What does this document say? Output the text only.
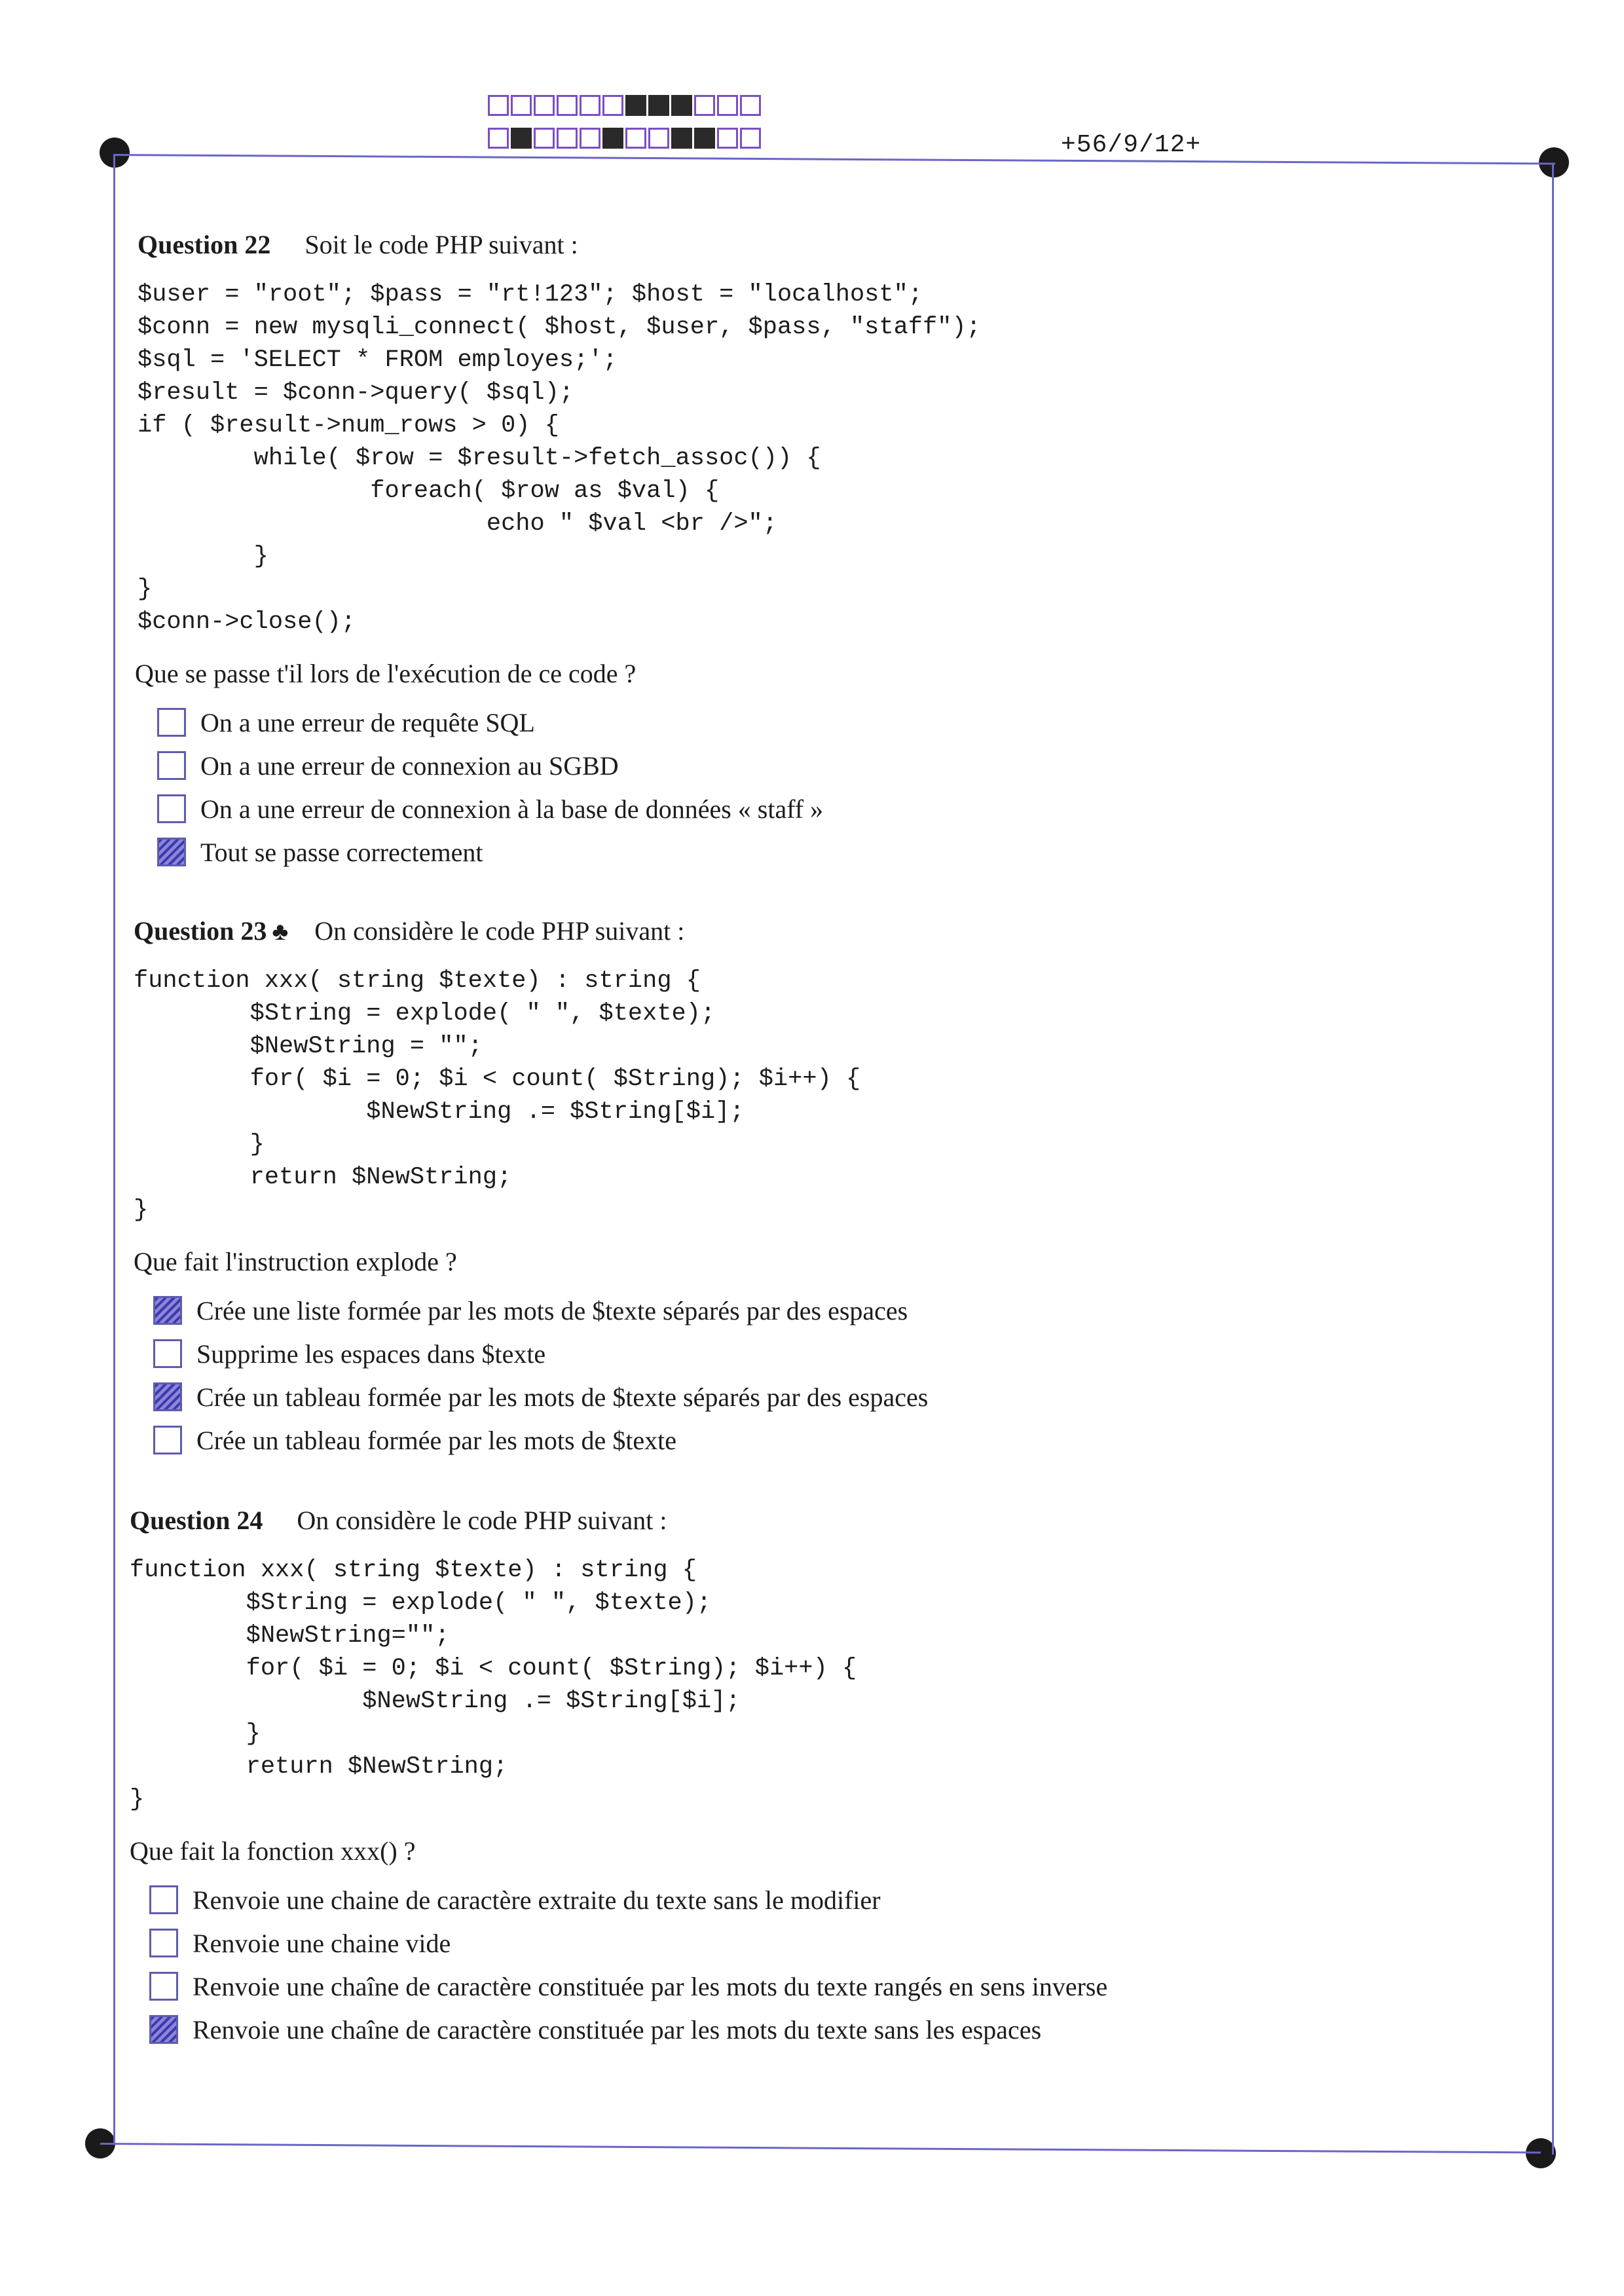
+56/9/12+

Question 22 Soit le code PHP suivant :

$user = "root"; $pass = "rt!123"; $host = "localhost";
$conn = new mysqli_connect( $host, $user, $pass, "staff");
$sql = 'SELECT * FROM employes;';
$result = $conn->query( $sql);
if ( $result->num_rows > 0) {
while( $row = $result->fetch_assoc()) {
foreach( $row as $val) {
echo " $val <br />";
}
}
$conn->close();

Que se passe t'il lors de l'exécution de ce code ?

On a une erreur de requête SQL
On a une erreur de connexion au SGBD
On a une erreur de connexion à la base de données « staff »
Tout se passe correctement

Question 23 ♣ On considère le code PHP suivant :

function xxx( string $texte) : string {
$String = explode( " ", $texte);
$NewString = "";
for( $i = 0; $i < count( $String); $i++) {
$NewString .= $String[$i];
}
return $NewString;
}

Que fait l'instruction explode ?

Crée une liste formée par les mots de $texte séparés par des espaces
Supprime les espaces dans $texte
Crée un tableau formée par les mots de $texte séparés par des espaces
Crée un tableau formée par les mots de $texte

Question 24 On considère le code PHP suivant :

function xxx( string $texte) : string {
$String = explode( " ", $texte);
$NewString="";
for( $i = 0; $i < count( $String); $i++) {
$NewString .= $String[$i];
}
return $NewString;
}

Que fait la fonction xxx() ?

Renvoie une chaine de caractère extraite du texte sans le modifier
Renvoie une chaine vide
Renvoie une chaîne de caractère constituée par les mots du texte rangés en sens inverse
Renvoie une chaîne de caractère constituée par les mots du texte sans les espaces
